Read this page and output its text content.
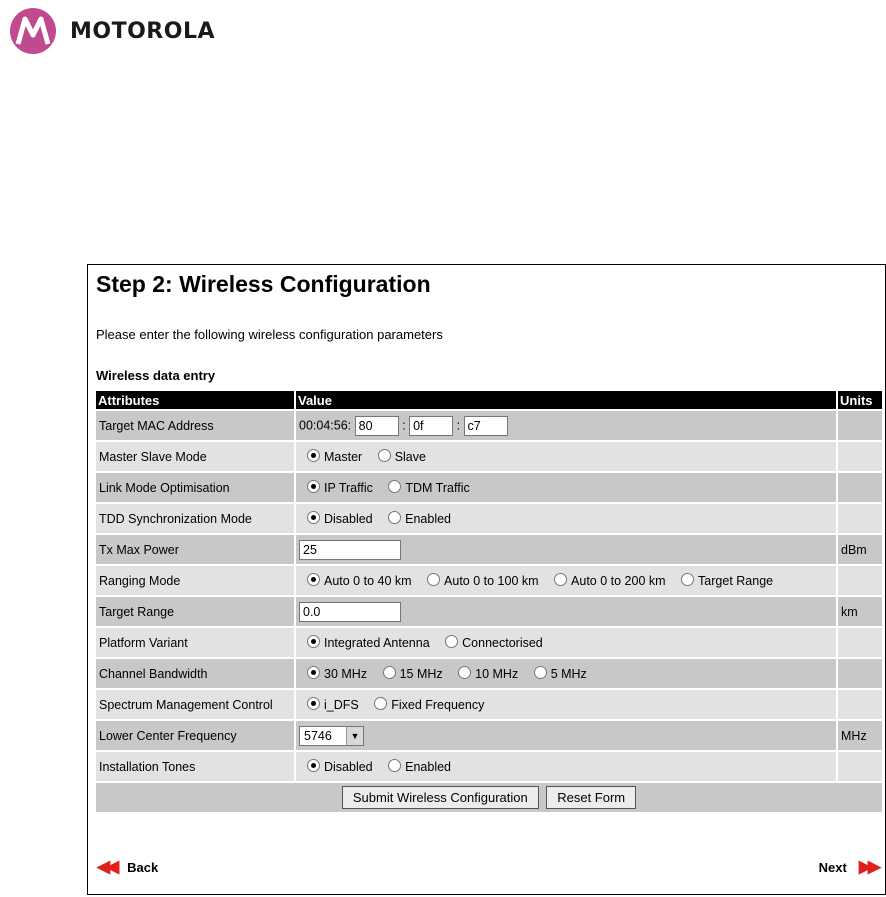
MOTOROLA
Step 2: Wireless Configuration
Please enter the following wireless configuration parameters
Wireless data entry
Attributes	Value	Units
Target MAC Address	00:04:56: 80 : 0f : c7	
Master Slave Mode	Master Slave	
Link Mode Optimisation	IP Traffic TDM Traffic	
TDD Synchronization Mode	Disabled Enabled	
Tx Max Power	25	dBm
Ranging Mode	Auto 0 to 40 km Auto 0 to 100 km Auto 0 to 200 km Target Range	
Target Range	0.0	km
Platform Variant	Integrated Antenna Connectorised	
Channel Bandwidth	30 MHz 15 MHz 10 MHz 5 MHz	
Spectrum Management Control	i_DFS Fixed Frequency	
Lower Center Frequency	5746 ▼	MHz
Installation Tones	Disabled Enabled	
Submit Wireless Configuration Reset Form		
◀◀ Back	Next ▶▶
